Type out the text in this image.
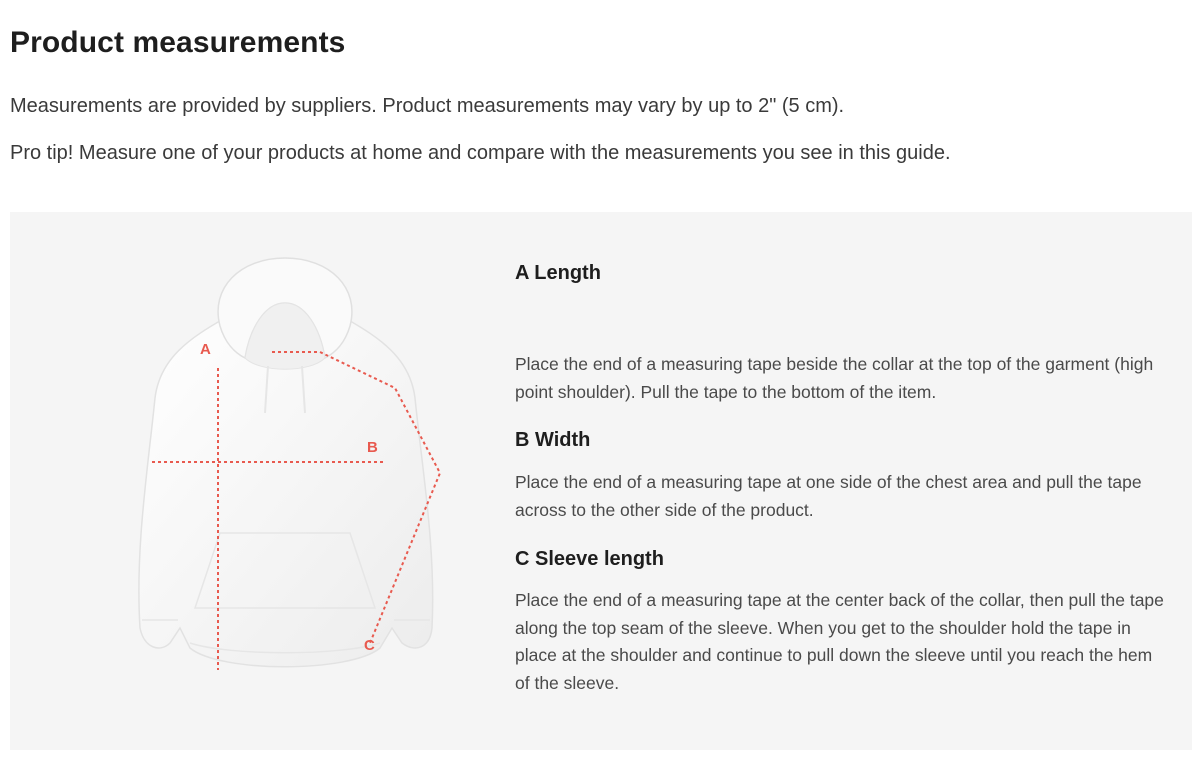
Product measurements

Measurements are provided by suppliers. Product measurements may vary by up to 2" (5 cm).

Pro tip! Measure one of your products at home and compare with the measurements you see in this guide.

A
B
C
A Length

Place the end of a measuring tape beside the collar at the top of the garment (high point shoulder). Pull the tape to the bottom of the item.

B Width

Place the end of a measuring tape at one side of the chest area and pull the tape across to the other side of the product.

C Sleeve length

Place the end of a measuring tape at the center back of the collar, then pull the tape along the top seam of the sleeve. When you get to the shoulder hold the tape in place at the shoulder and continue to pull down the sleeve until you reach the hem of the sleeve.
